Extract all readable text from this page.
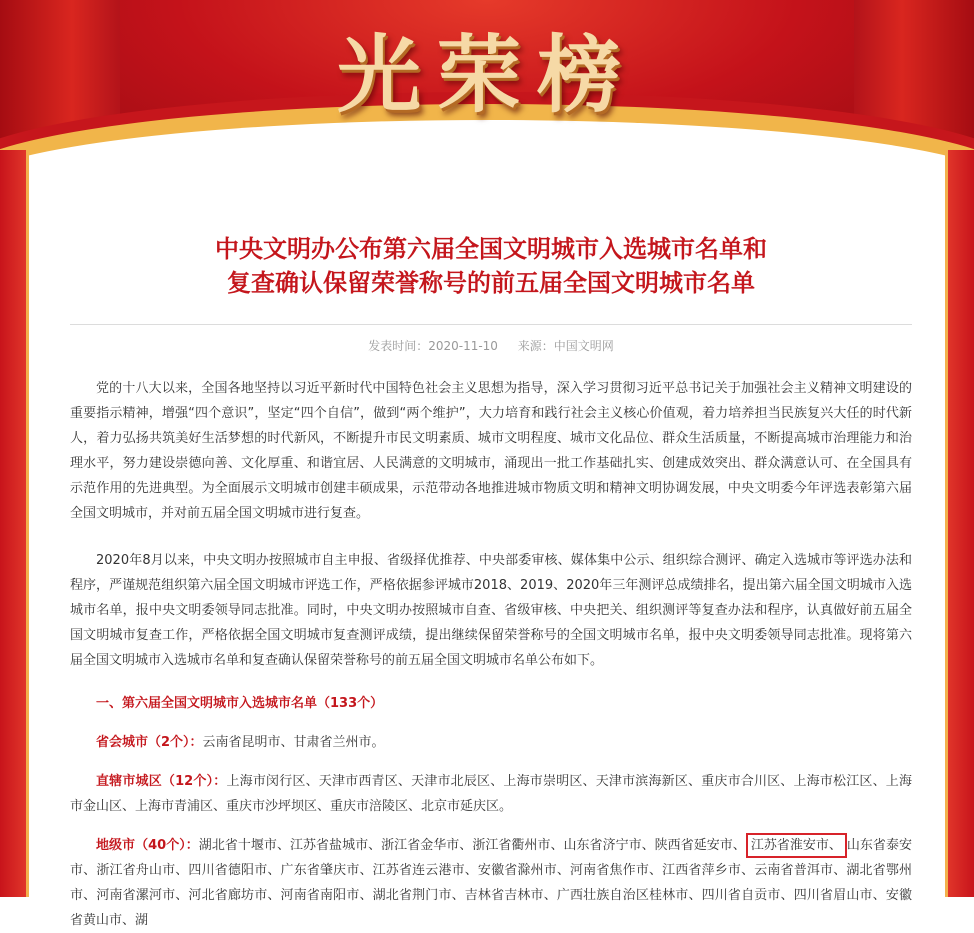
光荣榜
中央文明办公布第六届全国文明城市入选城市名单和
复查确认保留荣誉称号的前五届全国文明城市名单
发表时间：2020-11-10 来源：中国文明网

党的十八大以来，全国各地坚持以习近平新时代中国特色社会主义思想为指导，深入学习贯彻习近平总书记关于加强社会主义精神文明建设的重要指示精神，增强“四个意识”，坚定“四个自信”，做到“两个维护”，大力培育和践行社会主义核心价值观，着力培养担当民族复兴大任的时代新人，着力弘扬共筑美好生活梦想的时代新风，不断提升市民文明素质、城市文明程度、城市文化品位、群众生活质量，不断提高城市治理能力和治理水平，努力建设崇德向善、文化厚重、和谐宜居、人民满意的文明城市，涌现出一批工作基础扎实、创建成效突出、群众满意认可、在全国具有示范作用的先进典型。为全面展示文明城市创建丰硕成果，示范带动各地推进城市物质文明和精神文明协调发展，中央文明委今年评选表彰第六届全国文明城市，并对前五届全国文明城市进行复查。

2020年8月以来，中央文明办按照城市自主申报、省级择优推荐、中央部委审核、媒体集中公示、组织综合测评、确定入选城市等评选办法和程序，严谨规范组织第六届全国文明城市评选工作，严格依据参评城市2018、2019、2020年三年测评总成绩排名，提出第六届全国文明城市入选城市名单，报中央文明委领导同志批准。同时，中央文明办按照城市自查、省级审核、中央把关、组织测评等复查办法和程序，认真做好前五届全国文明城市复查工作，严格依据全国文明城市复查测评成绩，提出继续保留荣誉称号的全国文明城市名单，报中央文明委领导同志批准。现将第六届全国文明城市入选城市名单和复查确认保留荣誉称号的前五届全国文明城市名单公布如下。

一、第六届全国文明城市入选城市名单（133个）

省会城市（2个）：云南省昆明市、甘肃省兰州市。

直辖市城区（12个）：上海市闵行区、天津市西青区、天津市北辰区、上海市崇明区、天津市滨海新区、重庆市合川区、上海市松江区、上海市金山区、上海市青浦区、重庆市沙坪坝区、重庆市涪陵区、北京市延庆区。

地级市（40个）：湖北省十堰市、江苏省盐城市、浙江省金华市、浙江省衢州市、山东省济宁市、陕西省延安市、 江苏省淮安市、 山东省泰安市、浙江省舟山市、四川省德阳市、广东省肇庆市、江苏省连云港市、安徽省滁州市、河南省焦作市、江西省萍乡市、云南省普洱市、湖北省鄂州市、河南省漯河市、河北省廊坊市、河南省南阳市、湖北省荆门市、吉林省吉林市、广西壮族自治区桂林市、四川省自贡市、四川省眉山市、安徽省黄山市、湖
